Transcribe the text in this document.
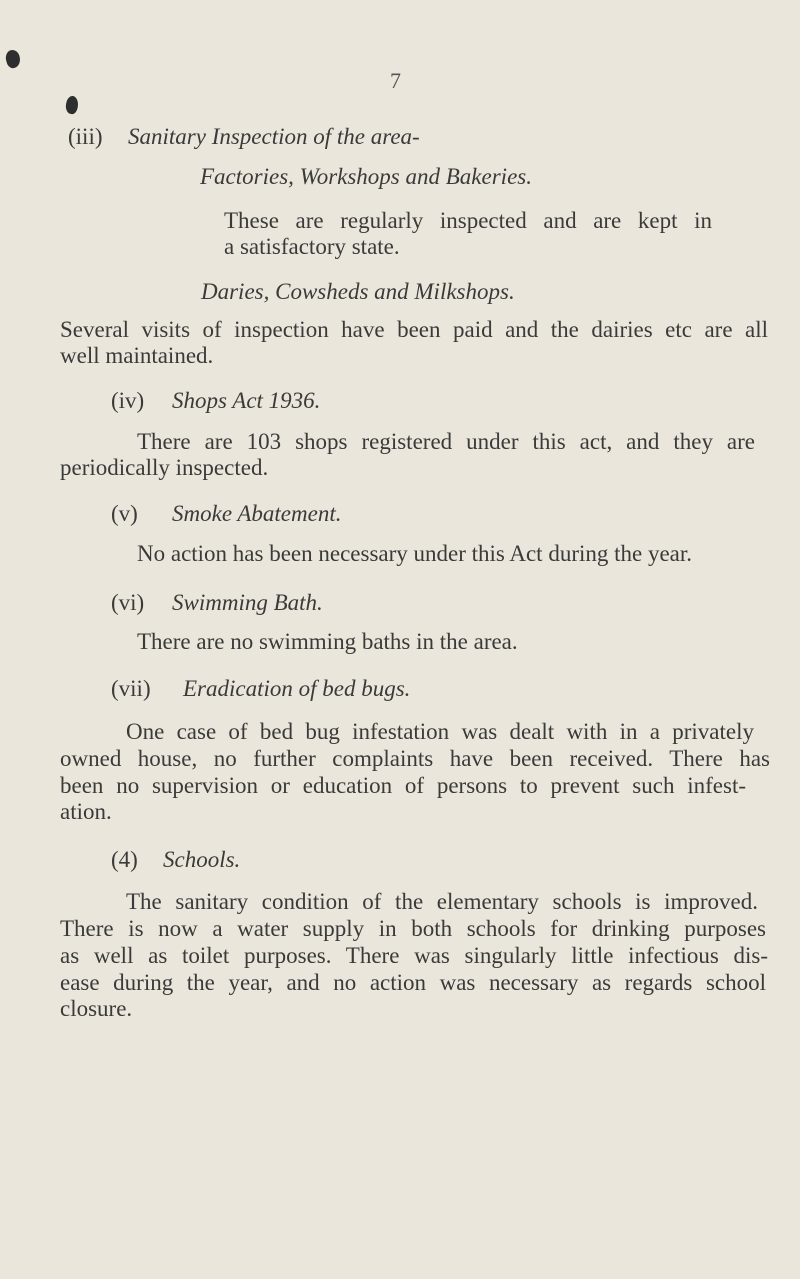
7
(iii) Sanitary Inspection of the area-
Factories, Workshops and Bakeries.
These are regularly inspected and are kept in
a satisfactory state.
Daries, Cowsheds and Milkshops.
Several visits of inspection have been paid and the dairies etc are all
well maintained.
(iv) Shops Act 1936.
There are 103 shops registered under this act, and they are
periodically inspected.
(v) Smoke Abatement.
No action has been necessary under this Act during the year.
(vi) Swimming Bath.
There are no swimming baths in the area.
(vii) Eradication of bed bugs.
One case of bed bug infestation was dealt with in a privately
owned house, no further complaints have been received. There has
been no supervision or education of persons to prevent such infest-
ation.
(4) Schools.
The sanitary condition of the elementary schools is improved.
There is now a water supply in both schools for drinking purposes
as well as toilet purposes. There was singularly little infectious dis-
ease during the year, and no action was necessary as regards school
closure.
